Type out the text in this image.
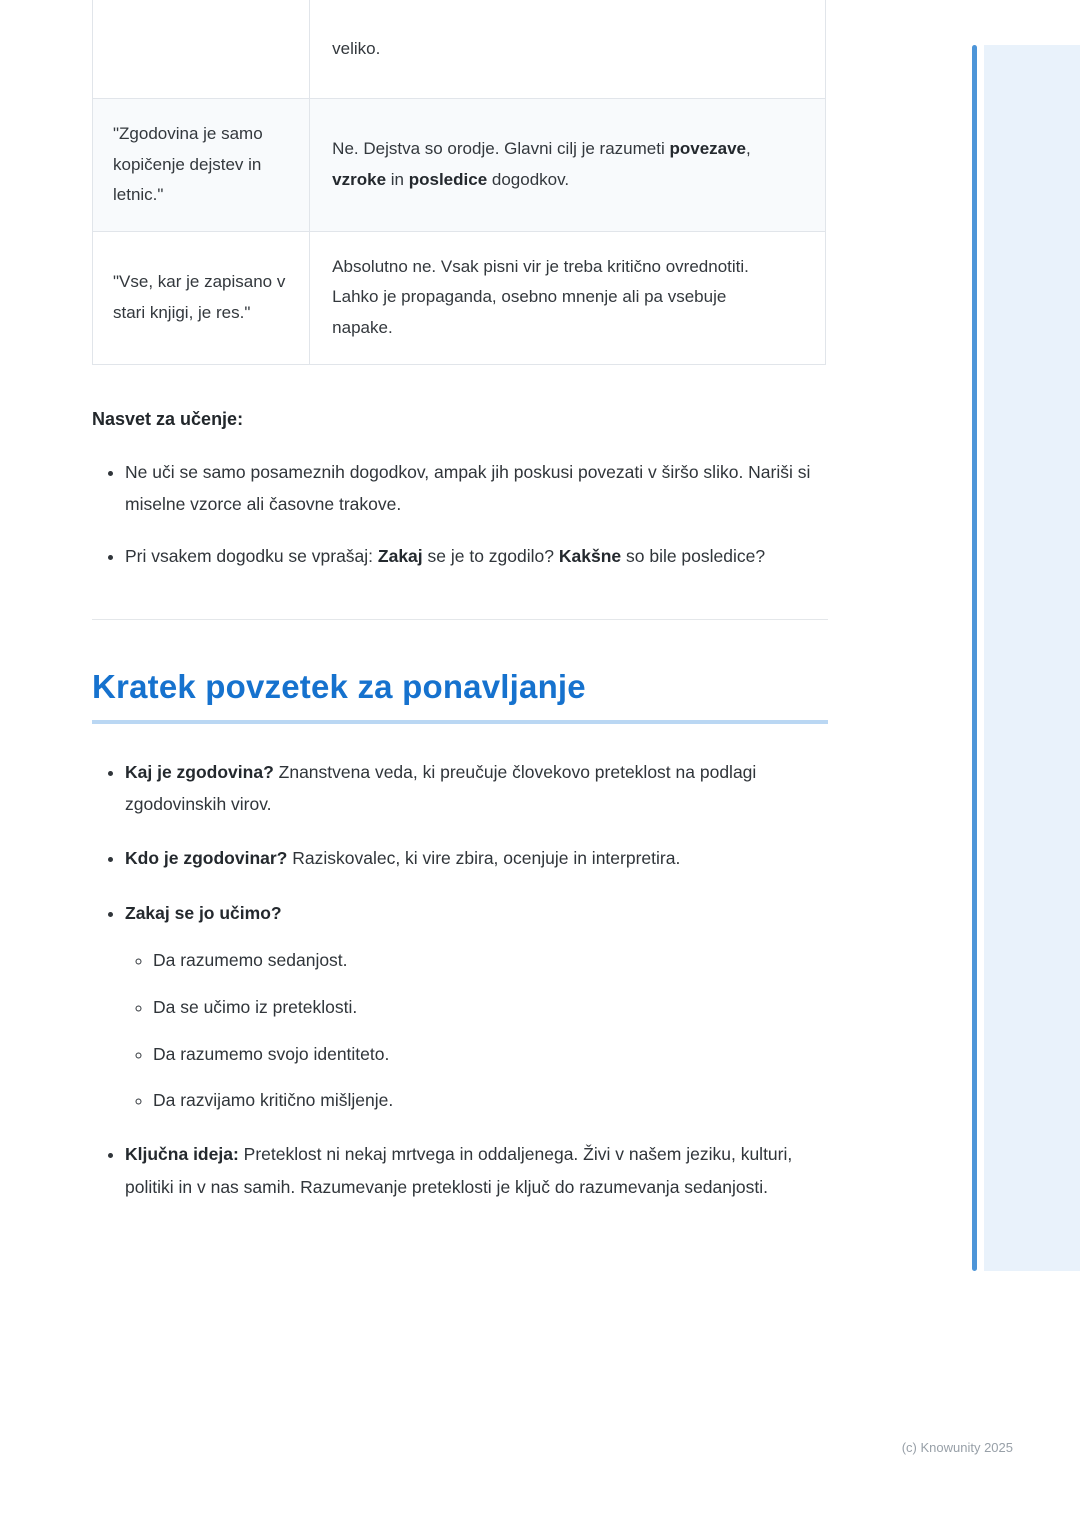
	veliko.
"Zgodovina je samo kopičenje dejstev in letnic."	Ne. Dejstva so orodje. Glavni cilj je razumeti povezave, vzroke in posledice dogodkov.
"Vse, kar je zapisano v stari knjigi, je res."	Absolutno ne. Vsak pisni vir je treba kritično ovrednotiti. Lahko je propaganda, osebno mnenje ali pa vsebuje napake.
Nasvet za učenje:
• Ne uči se samo posameznih dogodkov, ampak jih poskusi povezati v širšo sliko. Nariši si miselne vzorce ali časovne trakove.
• Pri vsakem dogodku se vprašaj: Zakaj se je to zgodilo? Kakšne so bile posledice?
Kratek povzetek za ponavljanje
• Kaj je zgodovina? Znanstvena veda, ki preučuje človekovo preteklost na podlagi zgodovinskih virov.
• Kdo je zgodovinar? Raziskovalec, ki vire zbira, ocenjuje in interpretira.
• Zakaj se jo učimo?
◦ Da razumemo sedanjost.
◦ Da se učimo iz preteklosti.
◦ Da razumemo svojo identiteto.
◦ Da razvijamo kritično mišljenje.
• Ključna ideja: Preteklost ni nekaj mrtvega in oddaljenega. Živi v našem jeziku, kulturi, politiki in v nas samih. Razumevanje preteklosti je ključ do razumevanja sedanjosti.
(c) Knowunity 2025
